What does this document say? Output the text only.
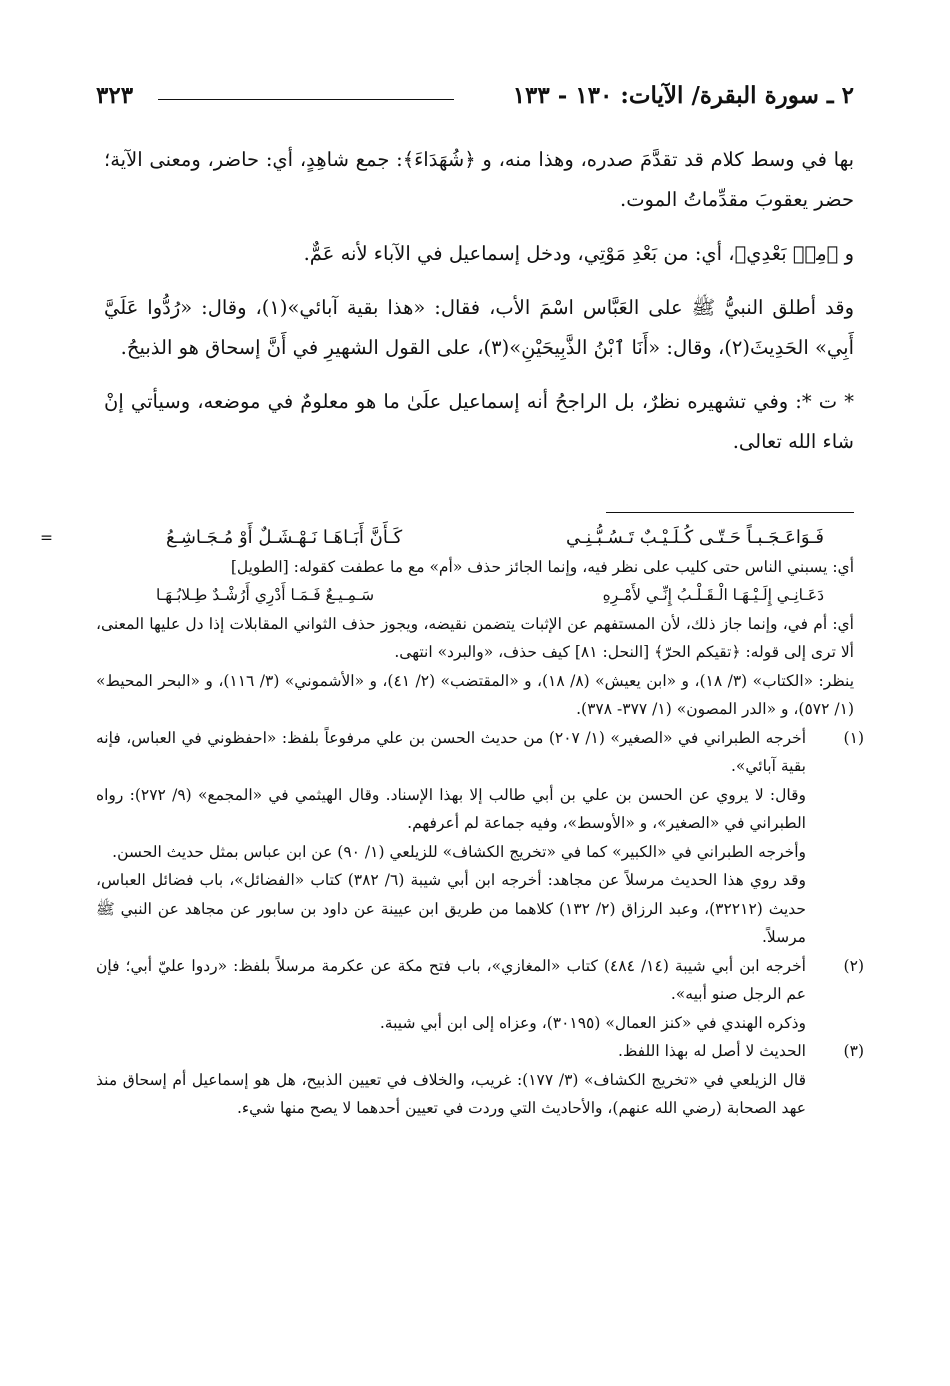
٢ ـ سورة البقرة/ الآيات: ١٣٠ - ١٣٣
٣٢٣

بها في وسط كلام قد تقدَّمَ صدره، وهذا منه، و ﴿شُهَدَاءَ﴾: جمع شاهِدٍ، أي: حاضر، ومعنى الآية؛ حضر يعقوبَ مقدِّماتُ الموت.

و ﴿مِنۢ بَعْدِي﴾، أي: من بَعْدِ مَوْتِي، ودخل إسماعيل في الآباء لأنه عَمٌّ.

وقد أطلق النبيُّ ﷺ على العَبَّاس اسْمَ الأب، فقال: «هذا بقية آبائي»(١)، وقال: «رُدُّوا عَلَيَّ أَبِي» الحَدِيثَ(٢)، وقال: «أَنَا ٱبْنُ الذَّبِيحَيْنِ»(٣)، على القول الشهيرِ في أَنَّ إسحاق هو الذبيحُ.

* ت *: وفي تشهيره نظرٌ، بل الراجحُ أنه إسماعيل علَىٰ ما هو معلومٌ في موضعه، وسيأتي إنْ شاء الله تعالى.

=	فَـوَاعَـجَـبـاً حَـتّـى كُـلَـيْـبٌ تَـسُـبُّـنِـي
كَـأَنَّ أَبَـاهَـا نَـهْـشَـلٌ أَوْ مُـجَـاشِـعُ

أي: يسبني الناس حتى كليب على نظر فيه، وإنما الجائز حذف «أم» مع ما عطفت كقوله: [الطويل]

دَعَـانِـي إِلَـيْـهَـا الْـقَـلْـبُ إِنِّـي لأَمْـرِهِ
سَـمِـيـعٌ فَـمَـا أَدْرِي أَرُشْـدٌ طِـلابُـهَـا

أي: أم في، وإنما جاز ذلك، لأن المستفهم عن الإثبات يتضمن نقيضه، ويجوز حذف الثواني المقابلات إذا دل عليها المعنى، ألا ترى إلى قوله: ﴿تقيكم الحرّ﴾ [النحل: ٨١] كيف حذف، «والبرد» انتهى.

ينظر: «الكتاب» (٣/ ١٨)، و «ابن يعيش» (٨/ ١٨)، و «المقتضب» (٢/ ٤١)، و «الأشموني» (٣/ ١١٦)، و «البحر المحيط» (١/ ٥٧٢)، و «الدر المصون» (١/ ٣٧٧- ٣٧٨).

(١)

أخرجه الطبراني في «الصغير» (١/ ٢٠٧) من حديث الحسن بن علي مرفوعاً بلفظ: «احفظوني في العباس، فإنه بقية آبائي».

وقال: لا يروي عن الحسن بن علي بن أبي طالب إلا بهذا الإسناد. وقال الهيثمي في «المجمع» (٩/ ٢٧٢): رواه الطبراني في «الصغير»، و «الأوسط»، وفيه جماعة لم أعرفهم.

وأخرجه الطبراني في «الكبير» كما في «تخريج الكشاف» للزيلعي (١/ ٩٠) عن ابن عباس بمثل حديث الحسن.

وقد روي هذا الحديث مرسلاً عن مجاهد: أخرجه ابن أبي شيبة (٦/ ٣٨٢) كتاب «الفضائل»، باب فضائل العباس، حديث (٣٢٢١٢)، وعبد الرزاق (٢/ ١٣٢) كلاهما من طريق ابن عيينة عن داود بن سابور عن مجاهد عن النبي ﷺ مرسلاً.

(٢)

أخرجه ابن أبي شيبة (١٤/ ٤٨٤) كتاب «المغازي»، باب فتح مكة عن عكرمة مرسلاً بلفظ: «ردوا عليّ أبي؛ فإن عم الرجل صنو أبيه».

وذكره الهندي في «كنز العمال» (٣٠١٩٥)، وعزاه إلى ابن أبي شيبة.

(٣)

الحديث لا أصل له بهذا اللفظ.

قال الزيلعي في «تخريج الكشاف» (٣/ ١٧٧): غريب، والخلاف في تعيين الذبيح، هل هو إسماعيل أم إسحاق منذ عهد الصحابة (رضي الله عنهم)، والأحاديث التي وردت في تعيين أحدهما لا يصح منها شيء.
